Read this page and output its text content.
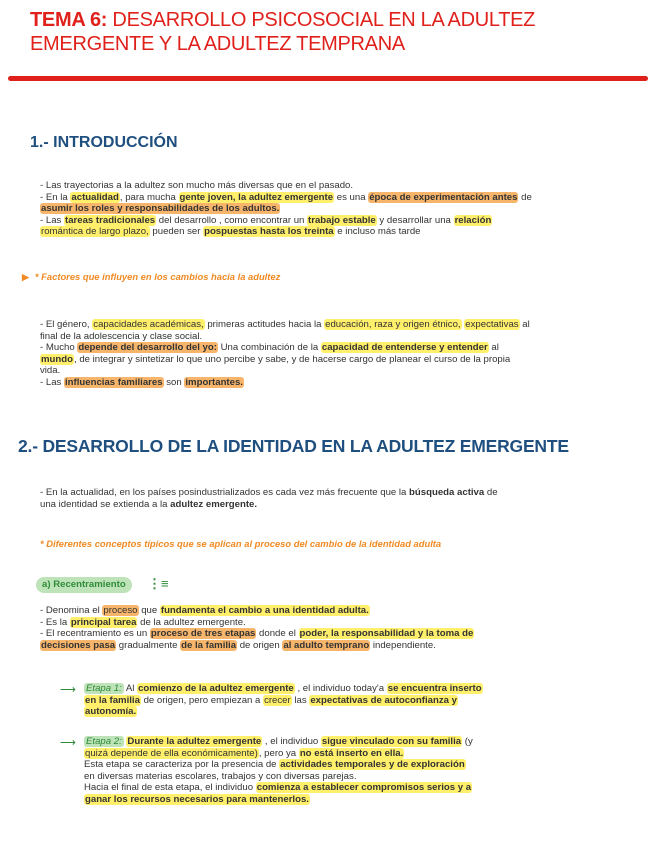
TEMA 6: DESARROLLO PSICOSOCIAL EN LA ADULTEZ
EMERGENTE Y LA ADULTEZ TEMPRANA
1.- INTRODUCCIÓN

- Las trayectorias a la adultez son mucho más diversas que en el pasado.

- En la actualidad, para mucha gente joven, la adultez emergente es una época de experimentación antes de
asumir los roles y responsabilidades de los adultos.

- Las tareas tradicionales del desarrollo , como encontrar un trabajo estable y desarrollar una relación
romántica de largo plazo, pueden ser pospuestas hasta los treinta e incluso más tarde

▶ * Factores que influyen en los cambios hacia la adultez

- El género, capacidades académicas, primeras actitudes hacia la educación, raza y origen étnico, expectativas al
final de la adolescencia y clase social.

- Mucho depende del desarrollo del yo: Una combinación de la capacidad de entenderse y entender al
mundo, de integrar y sintetizar lo que uno percibe y sabe, y de hacerse cargo de planear el curso de la propia
vida.

- Las influencias familiares son importantes.

2.- DESARROLLO DE LA IDENTIDAD EN LA ADULTEZ EMERGENTE

- En la actualidad, en los países posindustrializados es cada vez más frecuente que la búsqueda activa de
una identidad se extienda a la adultez emergente.

* Diferentes conceptos típicos que se aplican al proceso del cambio de la identidad adulta
a) Recentramiento	⋮≡

- Denomina el proceso que fundamenta el cambio a una identidad adulta.

- Es la principal tarea de la adultez emergente.

- El recentramiento es un proceso de tres etapas donde el poder, la responsabilidad y la toma de
decisiones pasa gradualmente de la familia de origen al adulto temprano independiente.

⟶ Etapa 1: Al comienzo de la adultez emergente , el individuo today'a se encuentra inserto
en la familia de origen, pero empiezan a crecer las expectativas de autoconfianza y
autonomía.

⟶ Etapa 2: Durante la adultez emergente , el individuo sigue vinculado con su familia (y
quizá depende de ella económicamente), pero ya no está inserto en ella.

Esta etapa se caracteriza por la presencia de actividades temporales y de exploración
en diversas materias escolares, trabajos y con diversas parejas.

Hacia el final de esta etapa, el individuo comienza a establecer compromisos serios y a
ganar los recursos necesarios para mantenerlos.
